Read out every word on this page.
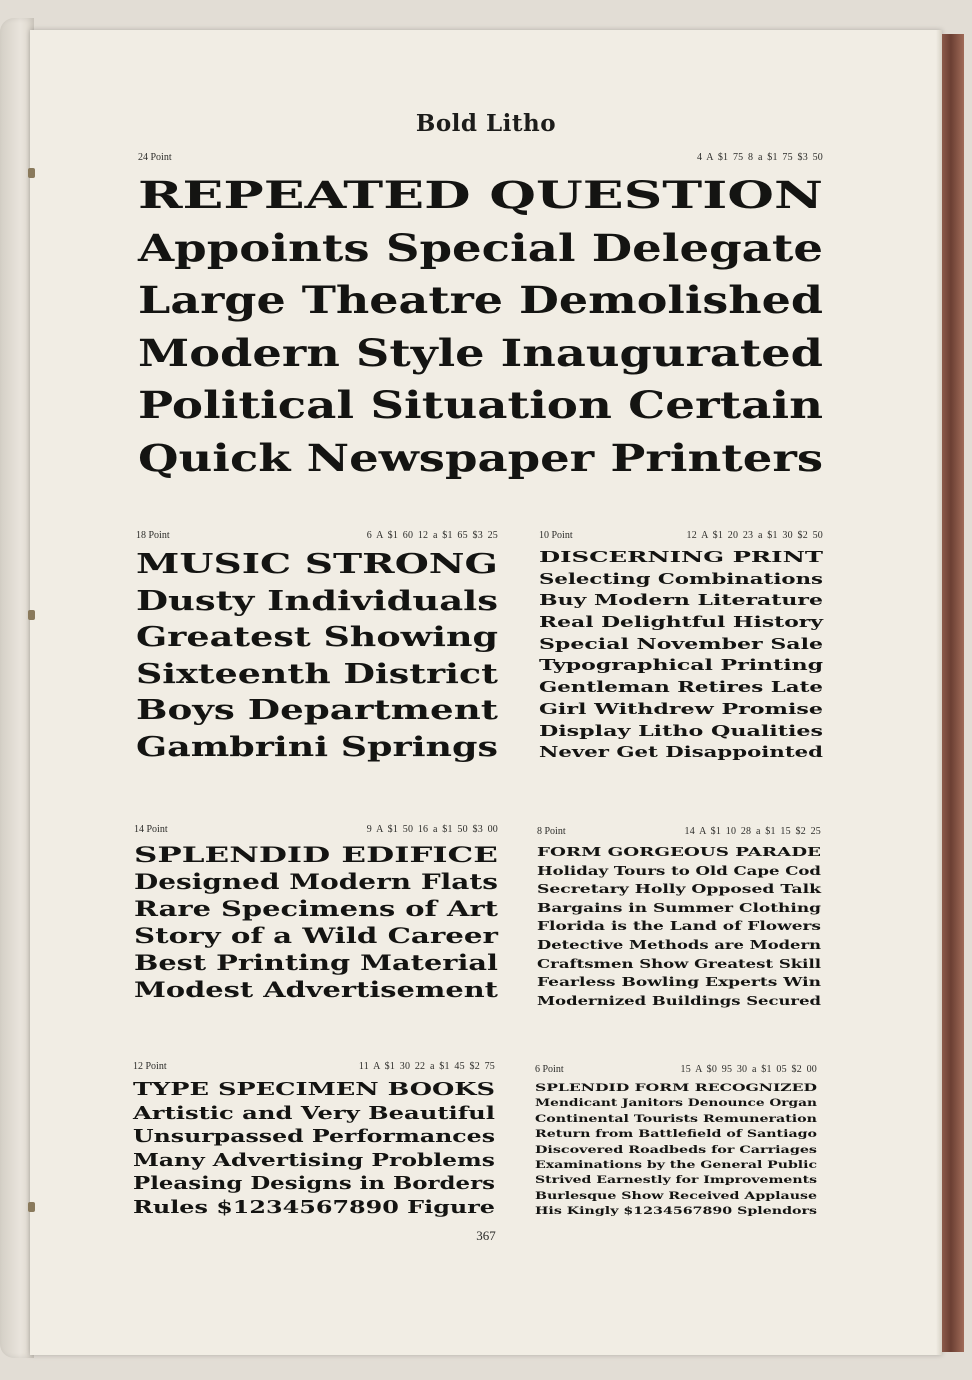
Bold Litho
24 Point	4 A $1 75 8 a $1 75 $3 50
REPEATED QUESTION
Appoints Special Delegate
Large Theatre Demolished
Modern Style Inaugurated
Political Situation Certain
Quick Newspaper Printers
18 Point	6 A $1 60 12 a $1 65 $3 25
MUSIC STRONG
Dusty Individuals
Greatest Showing
Sixteenth District
Boys Department
Gambrini Springs
10 Point	12 A $1 20 23 a $1 30 $2 50
DISCERNING PRINT
Selecting Combinations
Buy Modern Literature
Real Delightful History
Special November Sale
Typographical Printing
Gentleman Retires Late
Girl Withdrew Promise
Display Litho Qualities
Never Get Disappointed
14 Point	9 A $1 50 16 a $1 50 $3 00
SPLENDID EDIFICE
Designed Modern Flats
Rare Specimens of Art
Story of a Wild Career
Best Printing Material
Modest Advertisement
8 Point	14 A $1 10 28 a $1 15 $2 25
FORM GORGEOUS PARADE
Holiday Tours to Old Cape Cod
Secretary Holly Opposed Talk
Bargains in Summer Clothing
Florida is the Land of Flowers
Detective Methods are Modern
Craftsmen Show Greatest Skill
Fearless Bowling Experts Win
Modernized Buildings Secured
12 Point	11 A $1 30 22 a $1 45 $2 75
TYPE SPECIMEN BOOKS
Artistic and Very Beautiful
Unsurpassed Performances
Many Advertising Problems
Pleasing Designs in Borders
Rules $1234567890 Figure
6 Point	15 A $0 95 30 a $1 05 $2 00
SPLENDID FORM RECOGNIZED
Mendicant Janitors Denounce Organ
Continental Tourists Remuneration
Return from Battlefield of Santiago
Discovered Roadbeds for Carriages
Examinations by the General Public
Strived Earnestly for Improvements
Burlesque Show Received Applause
His Kingly $1234567890 Splendors
367
